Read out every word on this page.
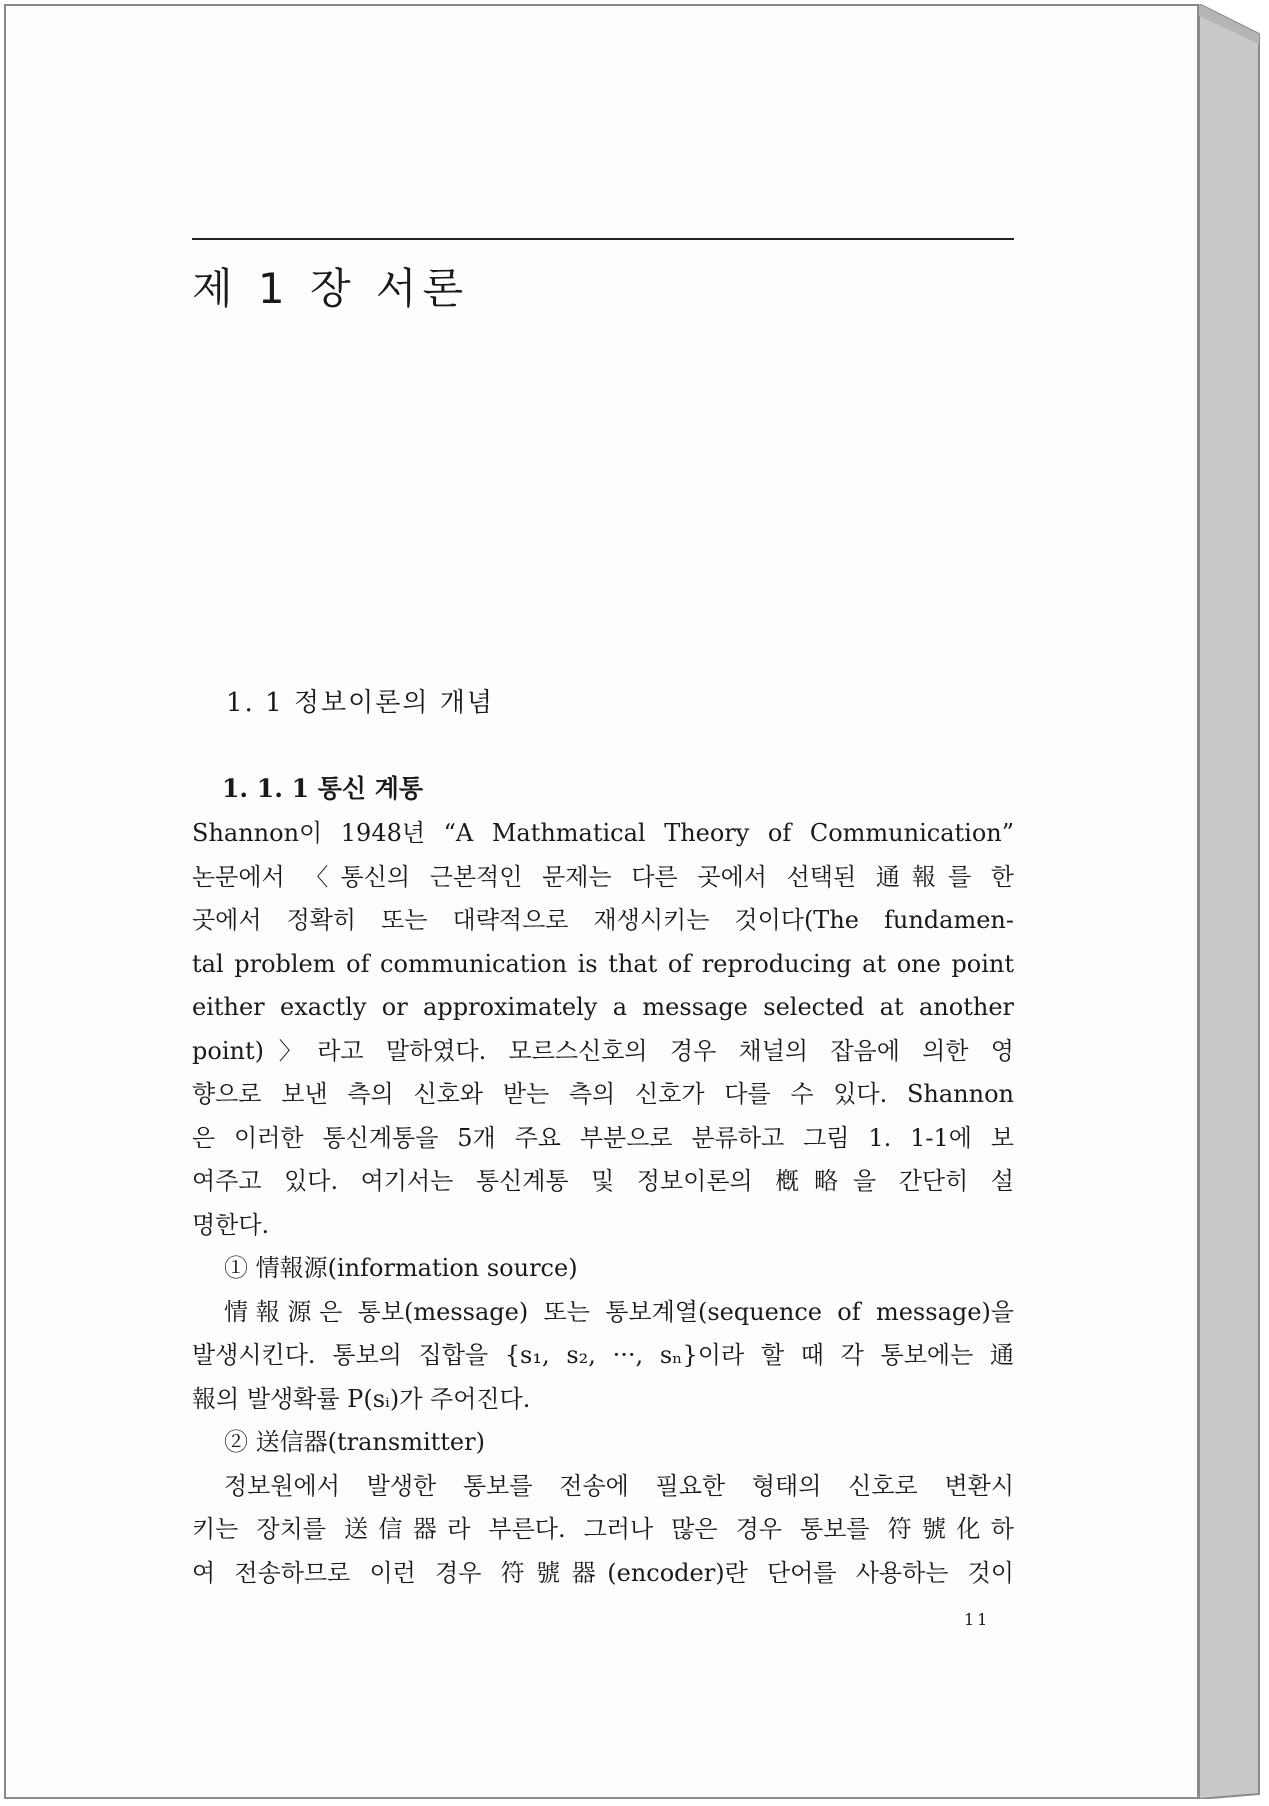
제 1 장 서론
1. 1 정보이론의 개념
1. 1. 1 통신 계통
Shannon이 1948년 “A Mathmatical Theory of Communication”
논문에서 〈통신의 근본적인 문제는 다른 곳에서 선택된 通報를 한
곳에서 정확히 또는 대략적으로 재생시키는 것이다(The fundamen-
tal problem of communication is that of reproducing at one point
either exactly or approximately a message selected at another
point)〉라고 말하였다. 모르스신호의 경우 채널의 잡음에 의한 영
향으로 보낸 측의 신호와 받는 측의 신호가 다를 수 있다. Shannon
은 이러한 통신계통을 5개 주요 부분으로 분류하고 그림 1. 1-1에 보
여주고 있다. 여기서는 통신계통 및 정보이론의 槪略을 간단히 설
명한다.
① 情報源(information source)
情報源은 통보(message) 또는 통보계열(sequence of message)을
발생시킨다. 통보의 집합을 {s₁, s₂, ···, sₙ}이라 할 때 각 통보에는 通
報의 발생확률 P(sᵢ)가 주어진다.
② 送信器(transmitter)
정보원에서 발생한 통보를 전송에 필요한 형태의 신호로 변환시
키는 장치를 送信器라 부른다. 그러나 많은 경우 통보를 符號化하
여 전송하므로 이런 경우 符號器(encoder)란 단어를 사용하는 것이
11
